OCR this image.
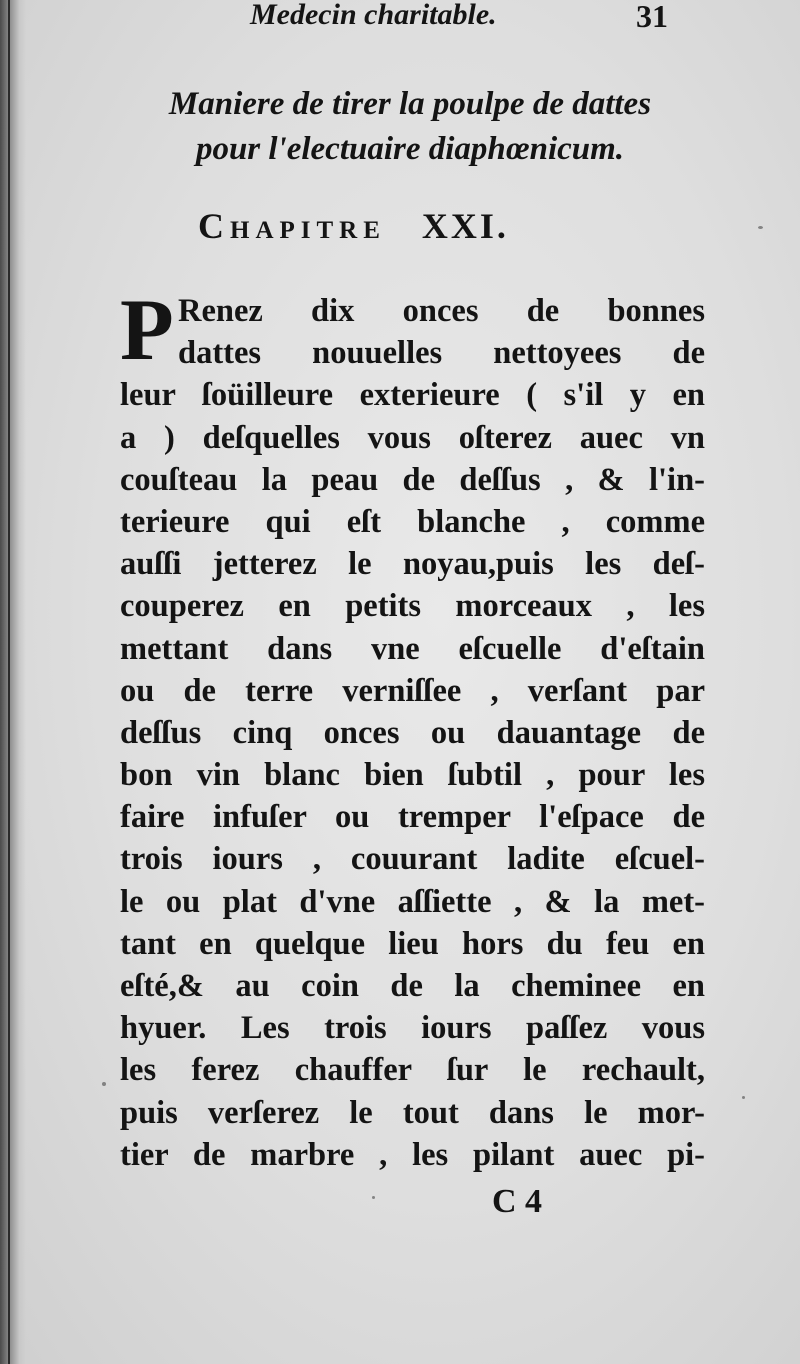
Medecin charitable.	31
Maniere de tirer la poulpe de dattes
pour l'electuaire diaphœnicum.
Chapitre XXI.
P Renez dix onces de bonnes
dattes nouuelles nettoyees de
leur ſoüilleure exterieure ( s'il y en
a ) deſquelles vous oſterez auec vn
couſteau la peau de deſſus , & l'in-
terieure qui eſt blanche , comme
auſſi jetterez le noyau,puis les deſ-
couperez en petits morceaux , les
mettant dans vne eſcuelle d'eſtain
ou de terre verniſſee , verſant par
deſſus cinq onces ou dauantage de
bon vin blanc bien ſubtil , pour les
faire infuſer ou tremper l'eſpace de
trois iours , couurant ladite eſcuel-
le ou plat d'vne aſſiette , & la met-
tant en quelque lieu hors du feu en
eſté,& au coin de la cheminee en
hyuer. Les trois iours paſſez vous
les ferez chauffer ſur le rechault,
puis verſerez le tout dans le mor-
tier de marbre , les pilant auec pi-
C 4
